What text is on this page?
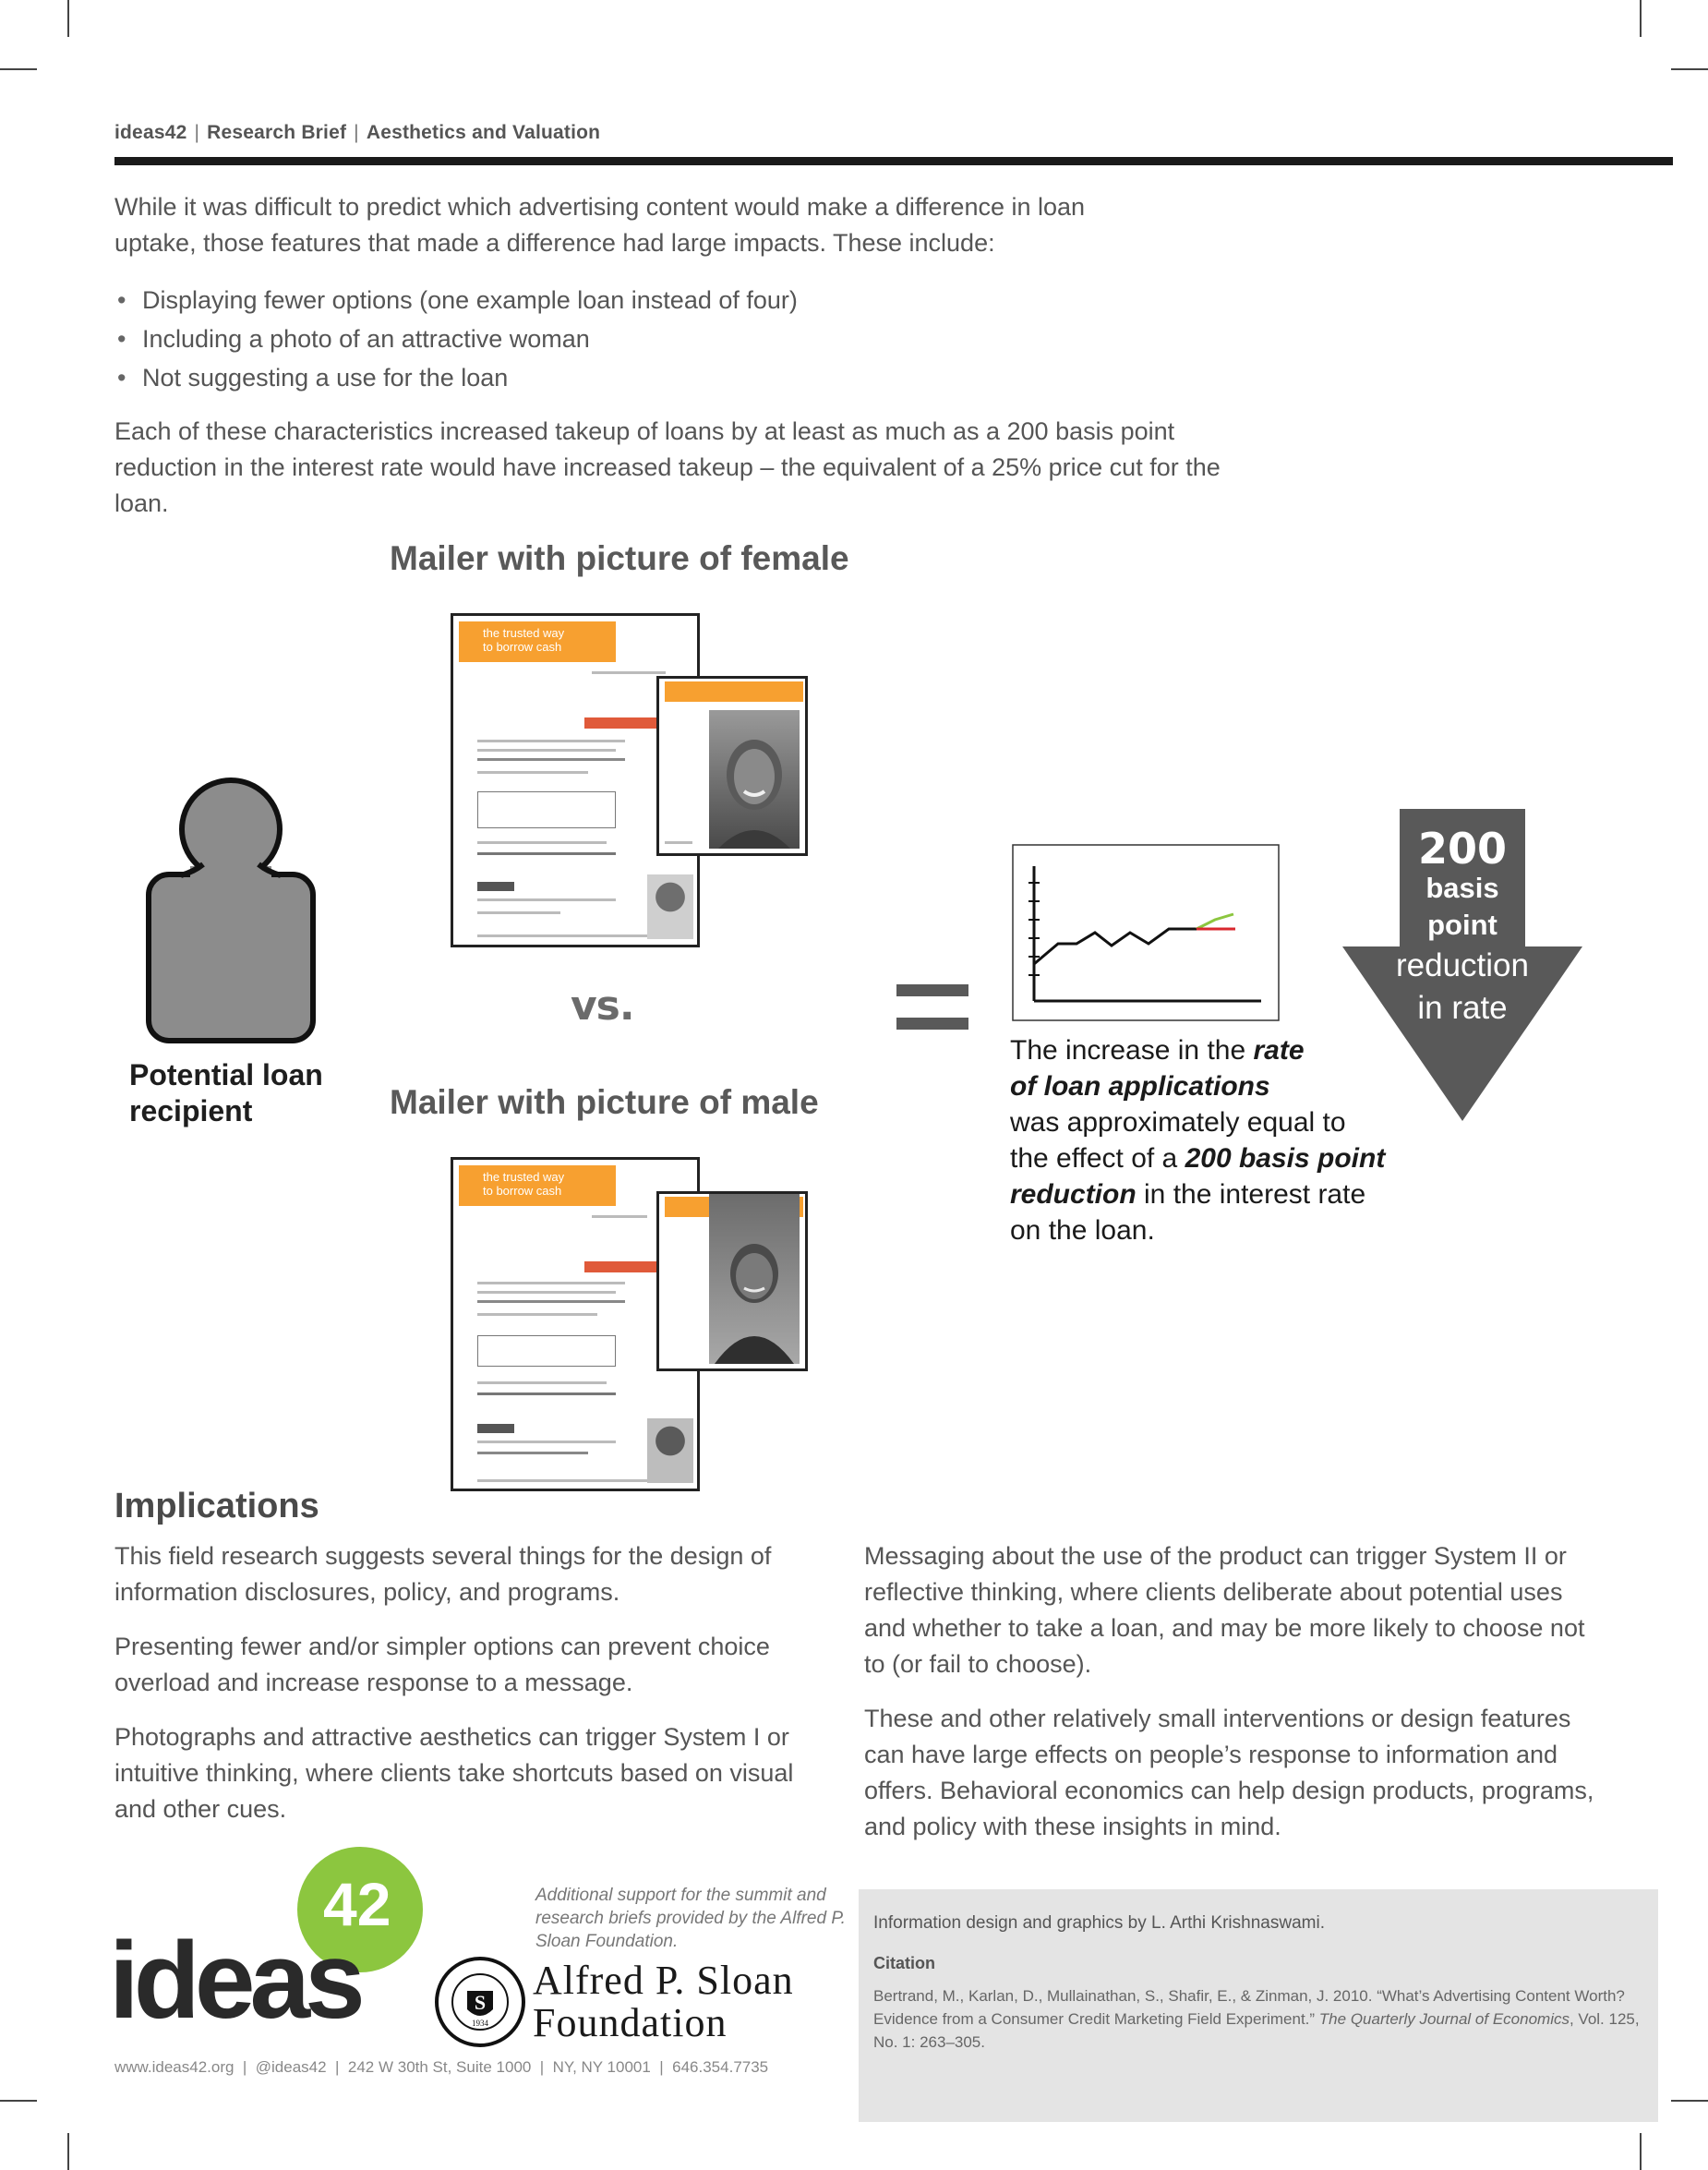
ideas42 | Research Brief | Aesthetics and Valuation
While it was difficult to predict which advertising content would make a difference in loan uptake, those features that made a difference had large impacts. These include:
• Displaying fewer options (one example loan instead of four)
• Including a photo of an attractive woman
• Not suggesting a use for the loan
Each of these characteristics increased takeup of loans by at least as much as a 200 basis point reduction in the interest rate would have increased takeup – the equivalent of a 25% price cut for the loan.
Mailer with picture of female
Mailer with picture of male
vs.
Potential loan
recipient
the trusted way
to borrow cash
the trusted way
to borrow cash
200
basis
point
reduction
in rate
The increase in the rate
of loan applications
was approximately equal to
the effect of a 200 basis point
reduction in the interest rate
on the loan.
Implications

This field research suggests several things for the design of information disclosures, policy, and programs.

Presenting fewer and/or simpler options can prevent choice overload and increase response to a message.

Photographs and attractive aesthetics can trigger System I or intuitive thinking, where clients take shortcuts based on visual and other cues.

Messaging about the use of the product can trigger System II or reflective thinking, where clients deliberate about potential uses and whether to take a loan, and may be more likely to choose not to (or fail to choose).

These and other relatively small interventions or design features can have large effects on people’s response to information and offers. Behavioral economics can help design products, programs, and policy with these insights in mind.

42
ideas	S
1934
Additional support for the summit and research briefs provided by the Alfred P. Sloan Foundation.
Alfred P. Sloan
Foundation
www.ideas42.org  |  @ideas42  |  242 W 30th St, Suite 1000  |  NY, NY 10001  |  646.354.7735
Information design and graphics by L. Arthi Krishnaswami.
Citation
Bertrand, M., Karlan, D., Mullainathan, S., Shafir, E., & Zinman, J. 2010. “What’s Advertising Content Worth? Evidence from a Consumer Credit Marketing Field Experiment.” The Quarterly Journal of Economics, Vol. 125, No. 1: 263–305.
